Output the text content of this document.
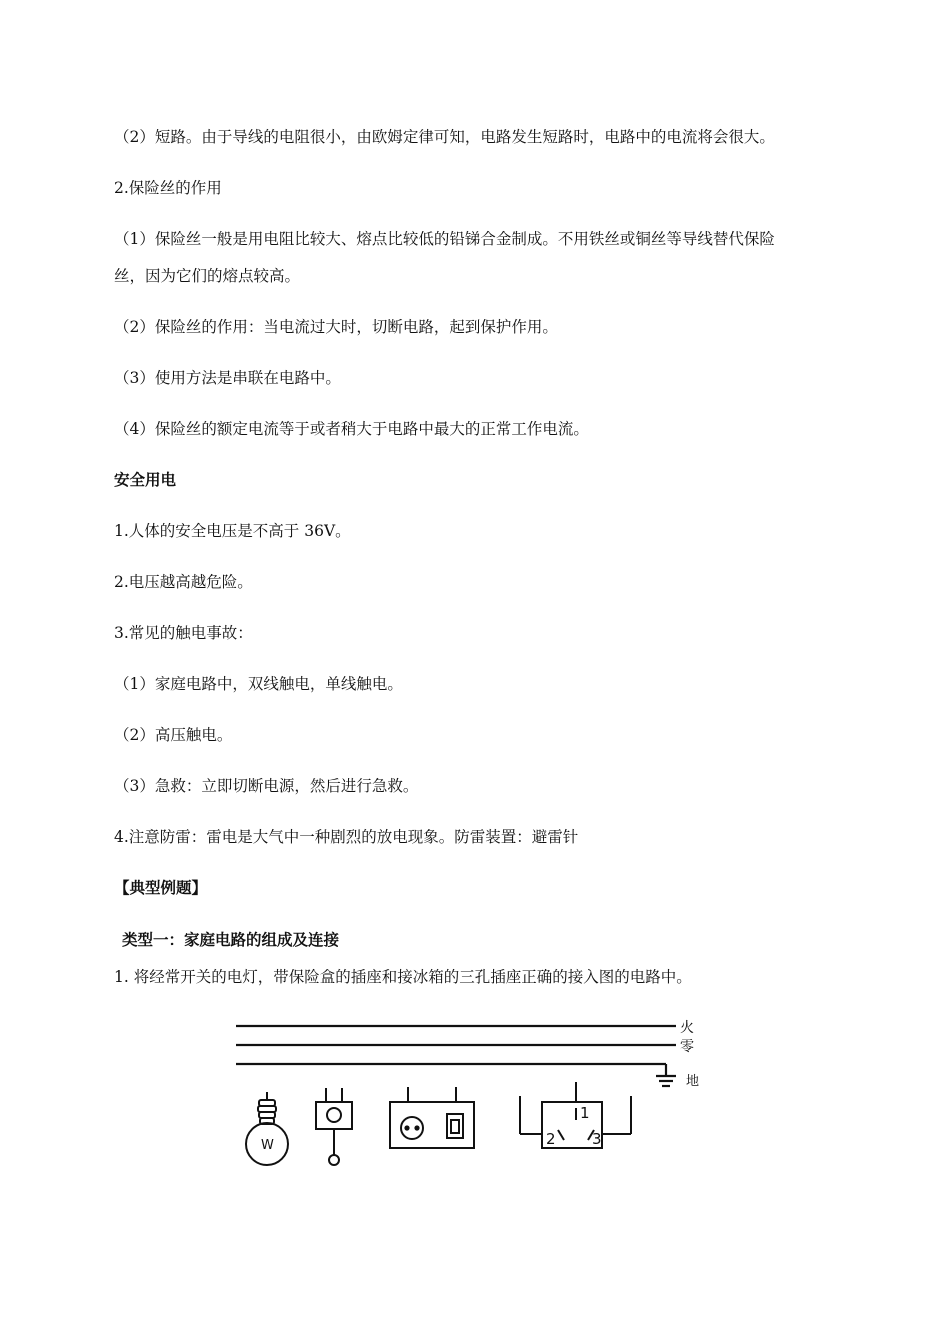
（2）短路。由于导线的电阻很小，由欧姆定律可知，电路发生短路时，电路中的电流将会很大。
2.保险丝的作用
（1）保险丝一般是用电阻比较大、熔点比较低的铅锑合金制成。不用铁丝或铜丝等导线替代保险
丝，因为它们的熔点较高。
（2）保险丝的作用：当电流过大时，切断电路，起到保护作用。
（3）使用方法是串联在电路中。
（4）保险丝的额定电流等于或者稍大于电路中最大的正常工作电流。
安全用电
1.人体的安全电压是不高于 36V。
2.电压越高越危险。
3.常见的触电事故：
（1）家庭电路中，双线触电，单线触电。
（2）高压触电。
（3）急救：立即切断电源，然后进行急救。
4.注意防雷：雷电是大气中一种剧烈的放电现象。防雷装置：避雷针
【典型例题】
类型一：家庭电路的组成及连接
1. 将经常开关的电灯，带保险盒的插座和接冰箱的三孔插座正确的接入图的电路中。
火
零
地
W
1
2 3
